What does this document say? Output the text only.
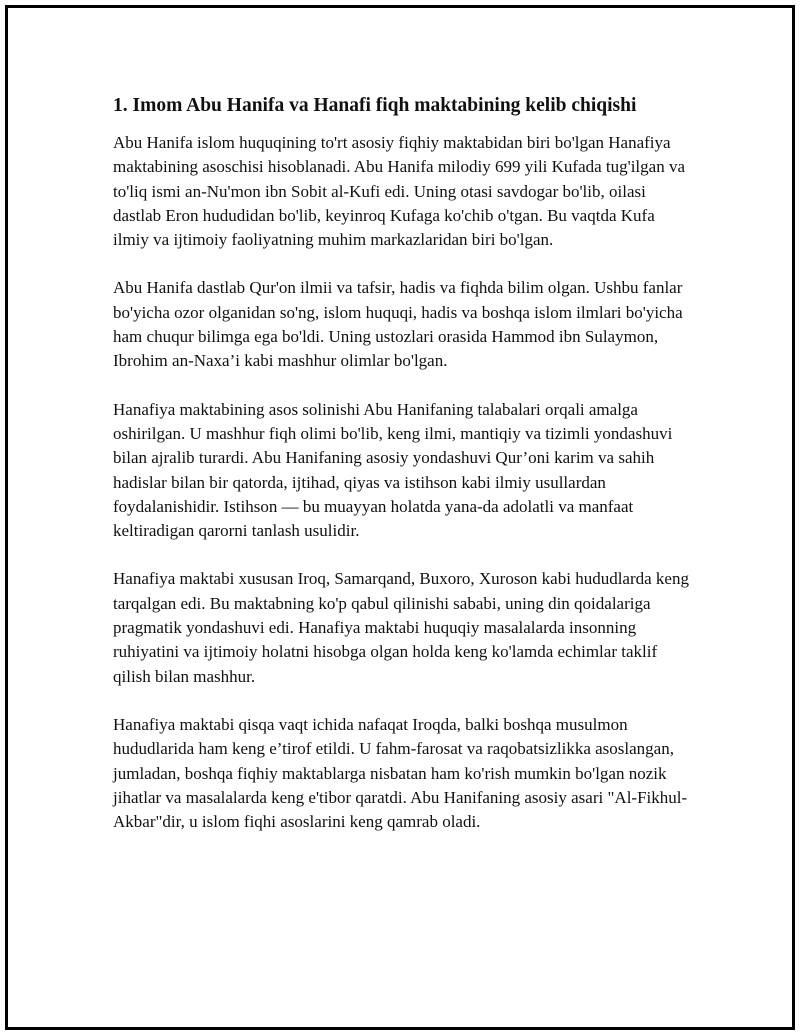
1. Imom Abu Hanifa va Hanafi fiqh maktabining kelib chiqishi

Abu Hanifa islom huquqining to'rt asosiy fiqhiy maktabidan biri bo'lgan Hanafiya maktabining asoschisi hisoblanadi. Abu Hanifa milodiy 699 yili Kufada tug'ilgan va to'liq ismi an-Nu'mon ibn Sobit al-Kufi edi. Uning otasi savdogar bo'lib, oilasi dastlab Eron hududidan bo'lib, keyinroq Kufaga ko'chib o'tgan. Bu vaqtda Kufa ilmiy va ijtimoiy faoliyatning muhim markazlaridan biri bo'lgan.

Abu Hanifa dastlab Qur'on ilmii va tafsir, hadis va fiqhda bilim olgan. Ushbu fanlar bo'yicha ozor olganidan so'ng, islom huquqi, hadis va boshqa islom ilmlari bo'yicha ham chuqur bilimga ega bo'ldi. Uning ustozlari orasida Hammod ibn Sulaymon, Ibrohim an-Naxa’i kabi mashhur olimlar bo'lgan.

Hanafiya maktabining asos solinishi Abu Hanifaning talabalari orqali amalga oshirilgan. U mashhur fiqh olimi bo'lib, keng ilmi, mantiqiy va tizimli yondashuvi bilan ajralib turardi. Abu Hanifaning asosiy yondashuvi Qur’oni karim va sahih hadislar bilan bir qatorda, ijtihad, qiyas va istihson kabi ilmiy usullardan foydalanishidir. Istihson — bu muayyan holatda yana-da adolatli va manfaat keltiradigan qarorni tanlash usulidir.

Hanafiya maktabi xususan Iroq, Samarqand, Buxoro, Xuroson kabi hududlarda keng tarqalgan edi. Bu maktabning ko'p qabul qilinishi sababi, uning din qoidalariga pragmatik yondashuvi edi. Hanafiya maktabi huquqiy masalalarda insonning ruhiyatini va ijtimoiy holatni hisobga olgan holda keng ko'lamda echimlar taklif qilish bilan mashhur.

Hanafiya maktabi qisqa vaqt ichida nafaqat Iroqda, balki boshqa musulmon hududlarida ham keng e’tirof etildi. U fahm-farosat va raqobatsizlikka asoslangan, jumladan, boshqa fiqhiy maktablarga nisbatan ham ko'rish mumkin bo'lgan nozik jihatlar va masalalarda keng e'tibor qaratdi. Abu Hanifaning asosiy asari "Al-Fikhul-Akbar"dir, u islom fiqhi asoslarini keng qamrab oladi.
